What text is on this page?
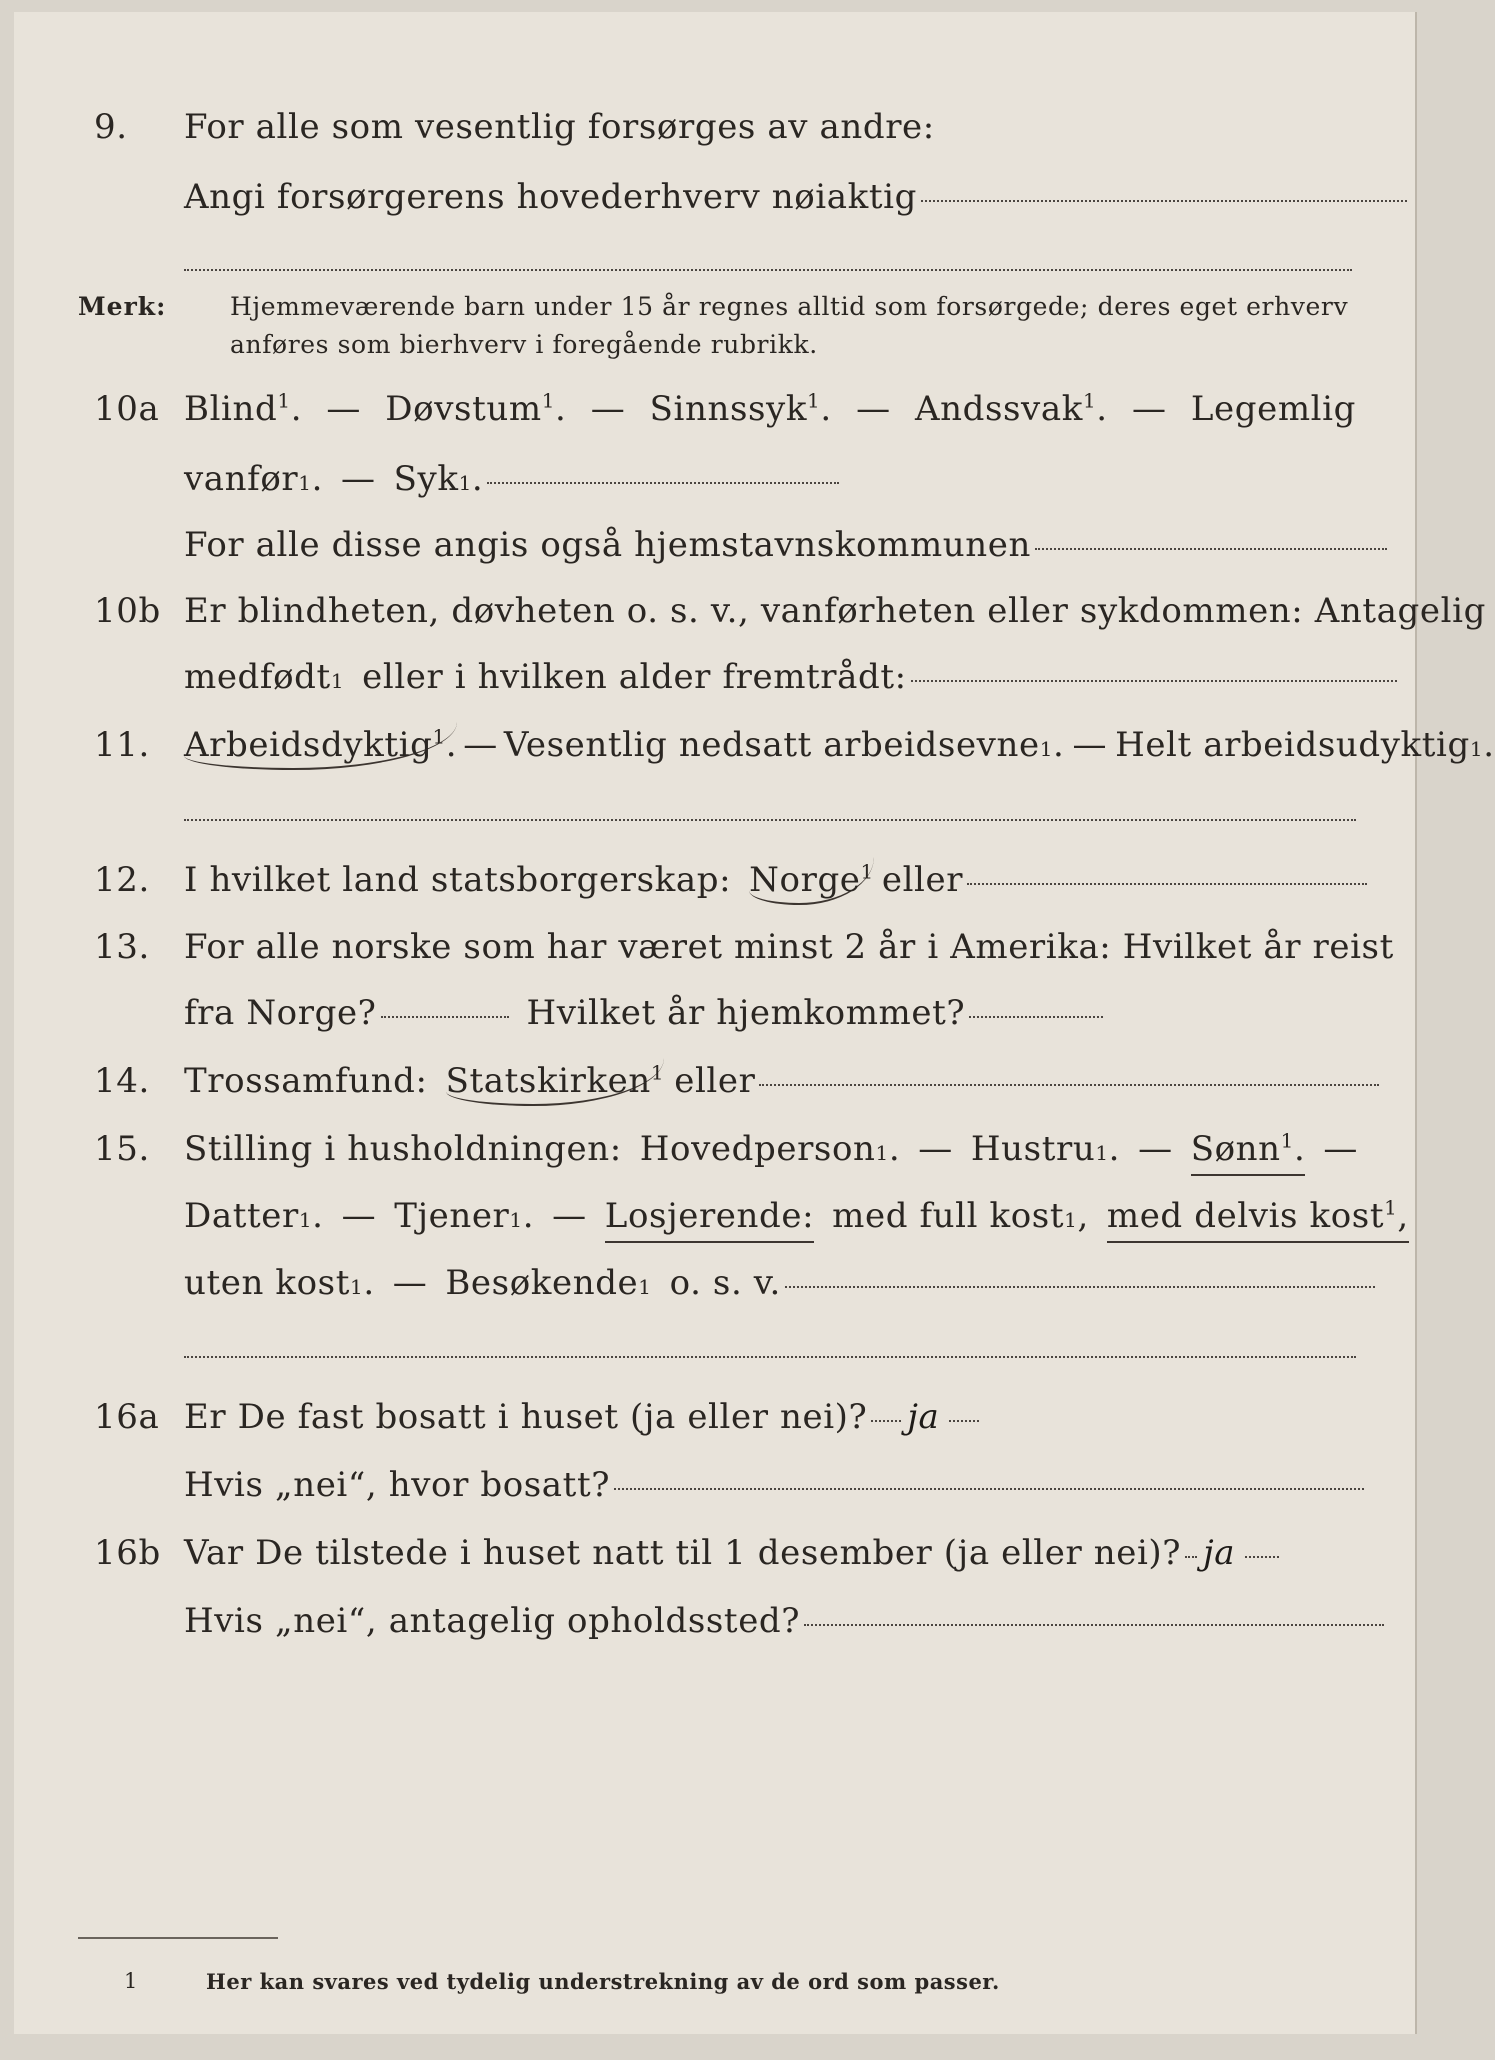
9.	For alle som vesentlig forsørges av andre:
Angi forsørgerens hovederhverv nøiaktig
Merk:	Hjemmeværende barn under 15 år regnes alltid som forsørgede; deres eget erhverv
anføres som bierhverv i foregående rubrikk.
10a Blind$^1$. — Døvstum$^1$. — Sinnssyk$^1$. — Andssvak$^1$. — Legemlig
vanfør 1 . — Syk 1 .
For alle disse angis også hjemstavnskommunen
10b Er blindheten, døvheten o. s. v., vanførheten eller sykdommen: Antagelig
medfødt 1 eller i hvilken alder fremtrådt:
11.	Arbeidsdyktig$^1$. — Vesentlig nedsatt arbeidsevne 1 . — Helt arbeidsudyktig 1 .
12.	I hvilket land statsborgerskap: Norge$^1$ eller
13.	For alle norske som har været minst 2 år i Amerika: Hvilket år reist
fra Norge?	Hvilket år hjemkommet?
14.	Trossamfund: Statskirken$^1$ eller
15.	Stilling i husholdningen: Hovedperson 1 . — Hustru 1 . — Sønn$^1$. —
Datter 1 . — Tjener 1 . — Losjerende: med full kost 1 , med delvis kost$^1$,
uten kost 1 . — Besøkende 1 o. s. v.
16a Er De fast bosatt i huset (ja eller nei)? ja
Hvis „nei“, hvor bosatt?
16b Var De tilstede i huset natt til 1 desember (ja eller nei)? ja
Hvis „nei“, antagelig opholdssted?
1	Her kan svares ved tydelig understrekning av de ord som passer.
